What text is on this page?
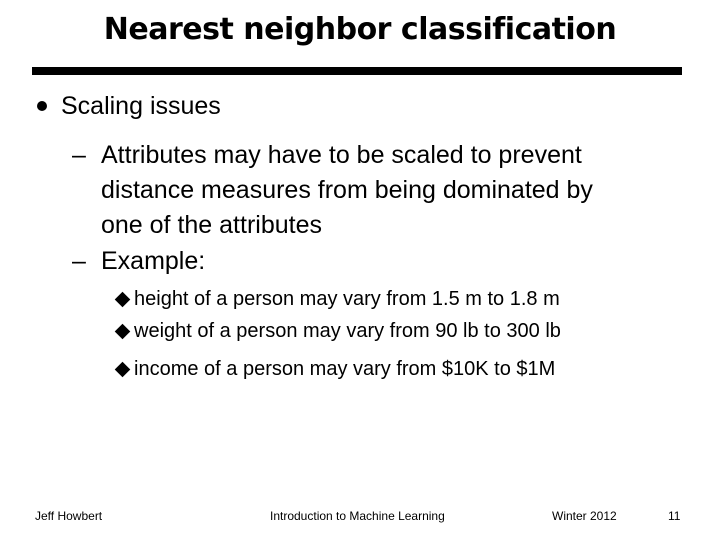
Nearest neighbor classification
Scaling issues
– Attributes may have to be scaled to prevent
distance measures from being dominated by
one of the attributes
– Example:
height of a person may vary from 1.5 m to 1.8 m
weight of a person may vary from 90 lb to 300 lb
income of a person may vary from $10K to $1M
Jeff Howbert	Introduction to Machine Learning	Winter 2012	11
